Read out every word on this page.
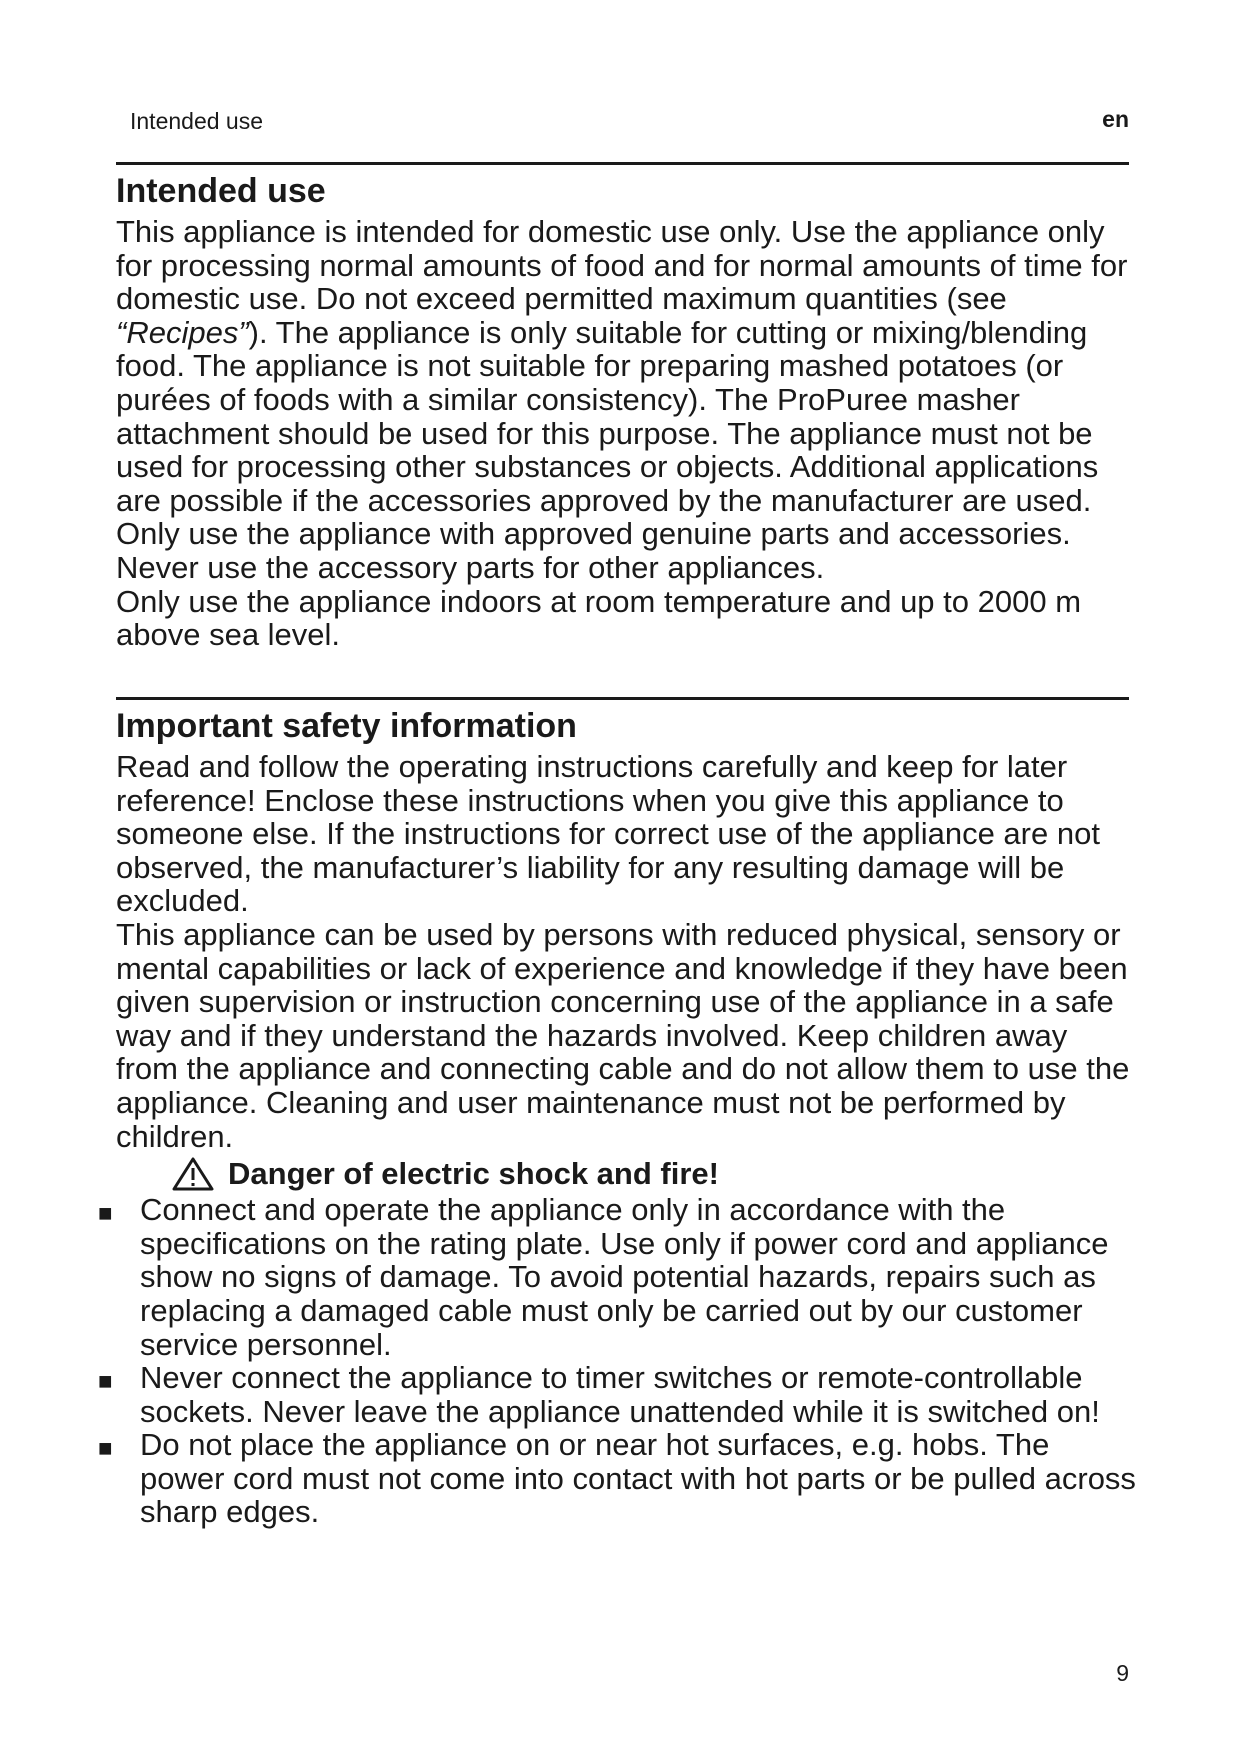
Intended use	en
Intended use

This appliance is intended for domestic use only. Use the appliance only for processing normal amounts of food and for normal amounts of time for domestic use. Do not exceed permitted maximum quantities (see “Recipes”). The appliance is only suitable for cutting or mixing/blending food. The appliance is not suitable for preparing mashed potatoes (or purées of foods with a similar consistency). The ProPuree masher attachment should be used for this purpose. The appliance must not be used for processing other substances or objects. Additional applications are possible if the accessories approved by the manufacturer are used. Only use the appliance with approved genuine parts and accessories. Never use the accessory parts for other appliances.

Only use the appliance indoors at room temperature and up to 2000 m above sea level.

Important safety information

Read and follow the operating instructions carefully and keep for later reference! Enclose these instructions when you give this appliance to someone else. If the instructions for correct use of the appliance are not observed, the manufacturer’s liability for any resulting damage will be excluded.

This appliance can be used by persons with reduced physical, sensory or mental capabilities or lack of experience and knowledge if they have been given supervision or instruction concerning use of the appliance in a safe way and if they understand the hazards involved. Keep children away from the appliance and connecting cable and do not allow them to use the appliance. Cleaning and user maintenance must not be performed by children.

Danger of electric shock and fire!
■ Connect and operate the appliance only in accordance with the specifications on the rating plate. Use only if power cord and appliance show no signs of damage. To avoid potential hazards, repairs such as replacing a damaged cable must only be carried out by our customer service personnel.
■ Never connect the appliance to timer switches or remote-controllable sockets. Never leave the appliance unattended while it is switched on!
■ Do not place the appliance on or near hot surfaces, e.g. hobs. The power cord must not come into contact with hot parts or be pulled across sharp edges.
9
